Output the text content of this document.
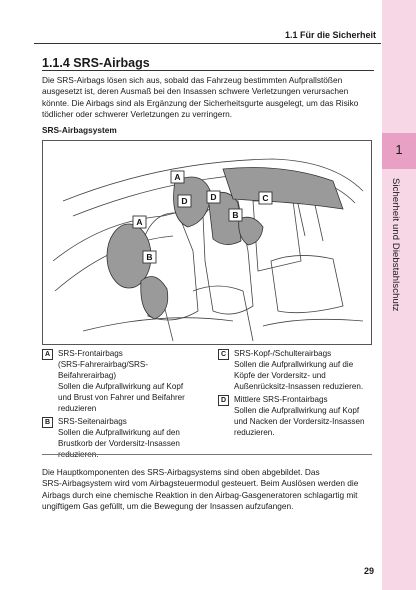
1
Sicherheit und Diebstahlschutz
1.1 Für die Sicherheit
1.1.4 SRS-Airbags

Die SRS-Airbags lösen sich aus, sobald das Fahrzeug bestimmten Aufprallstößen

ausgesetzt ist, deren Ausmaß bei den Insassen schwere Verletzungen verursachen

könnte. Die Airbags sind als Ergänzung der Sicherheitsgurte ausgelegt, um das Risiko

tödlicher oder schwerer Verletzungen zu verringern.

SRS-Airbagsystem
A
B
A
D	D
B
C
A SRS-Frontairbags
(SRS-Fahrerairbag/SRS-
Beifahrerairbag)
Sollen die Aufprallwirkung auf Kopf
und Brust von Fahrer und Beifahrer
reduzieren
B SRS-Seitenairbags
Sollen die Aufprallwirkung auf den
Brustkorb der Vordersitz-Insassen
C SRS-Kopf-/Schulterairbags
Sollen die Aufprallwirkung auf die
Köpfe der Vordersitz- und
Außenrücksitz-Insassen reduzieren.
D Mittlere SRS-Frontairbags
Sollen die Aufprallwirkung auf Kopf
und Nacken der Vordersitz-Insassen
reduzieren.
Die Hauptkomponenten des SRS-Airbagsystems sind oben abgebildet. Das
SRS-Airbagsystem wird vom Airbagsteuermodul gesteuert. Beim Auslösen werden die
Airbags durch eine chemische Reaktion in den Airbag-Gasgeneratoren schlagartig mit
ungiftigem Gas gefüllt, um die Bewegung der Insassen aufzufangen.
29
